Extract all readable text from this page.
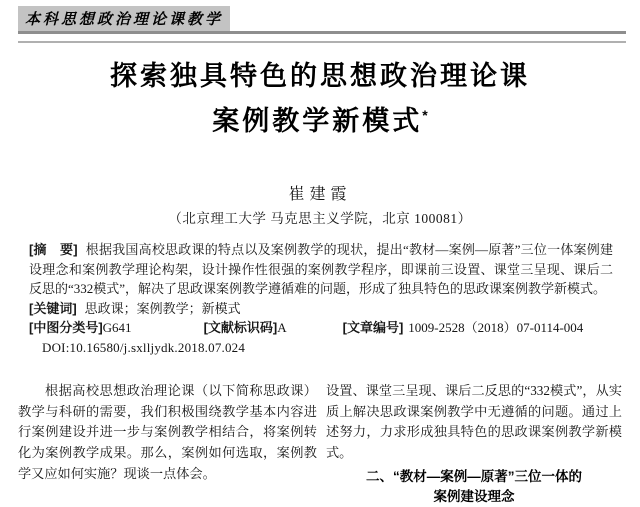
本科思想政治理论课教学
探索独具特色的思想政治理论课
案例教学新模式*
崔建霞
（北京理工大学 马克思主义学院，北京 100081）

[摘　要] 根据我国高校思政课的特点以及案例教学的现状，提出“教材—案例—原著”三位一体案例建设理念和案例教学理论构架，设计操作性很强的案例教学程序，即课前三设置、课堂三呈现、课后二反思的“332模式”，解决了思政课案例教学遵循难的问题，形成了独具特色的思政课案例教学新模式。

[关键词] 思政课；案例教学；新模式

[中图分类号]G641	[文献标识码]A	[文章编号] 1009-2528（2018）07-0114-004

DOI:10.16580/j.sxlljydk.2018.07.024

根据高校思想政治理论课（以下简称思政课）教学与科研的需要，我们积极围绕教学基本内容进行案例建设并进一步与案例教学相结合，将案例转化为案例教学成果。那么，案例如何选取，案例教学又应如何实施？现谈一点体会。

设置、课堂三呈现、课后二反思的“332模式”，从实质上解决思政课案例教学中无遵循的问题。通过上述努力，力求形成独具特色的思政课案例教学新模式。

二、“教材—案例—原著”三位一体的
案例建设理念
